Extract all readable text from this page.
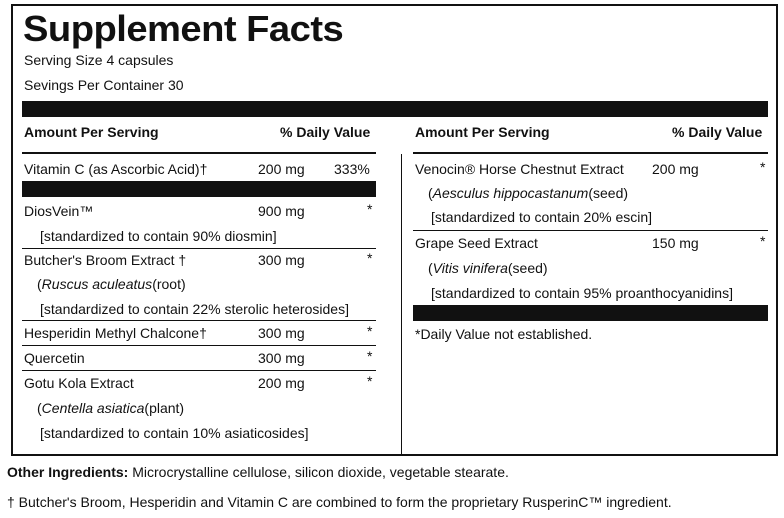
Supplement Facts
Serving Size 4 capsules
Sevings Per Container 30
Amount Per Serving	% Daily Value	Amount Per Serving	% Daily Value
Vitamin C (as Ascorbic Acid)†	200 mg 333%
DiosVein™	900 mg	*
[standardized to contain 90% diosmin]
Butcher's Broom Extract †	300 mg	*
(Ruscus aculeatus(root)
[standardized to contain 22% sterolic heterosides]
Hesperidin Methyl Chalcone†	300 mg	*
Quercetin	300 mg	*
Gotu Kola Extract	200 mg	*
(Centella asiatica(plant)
[standardized to contain 10% asiaticosides]
Venocin® Horse Chestnut Extract 200 mg	*
(Aesculus hippocastanum(seed)
[standardized to contain 20% escin]
Grape Seed Extract	150 mg	*
(Vitis vinifera(seed)
[standardized to contain 95% proanthocyanidins]
*Daily Value not established.
Other Ingredients: Microcrystalline cellulose, silicon dioxide, vegetable stearate.
† Butcher's Broom, Hesperidin and Vitamin C are combined to form the proprietary RusperinC™ ingredient.
